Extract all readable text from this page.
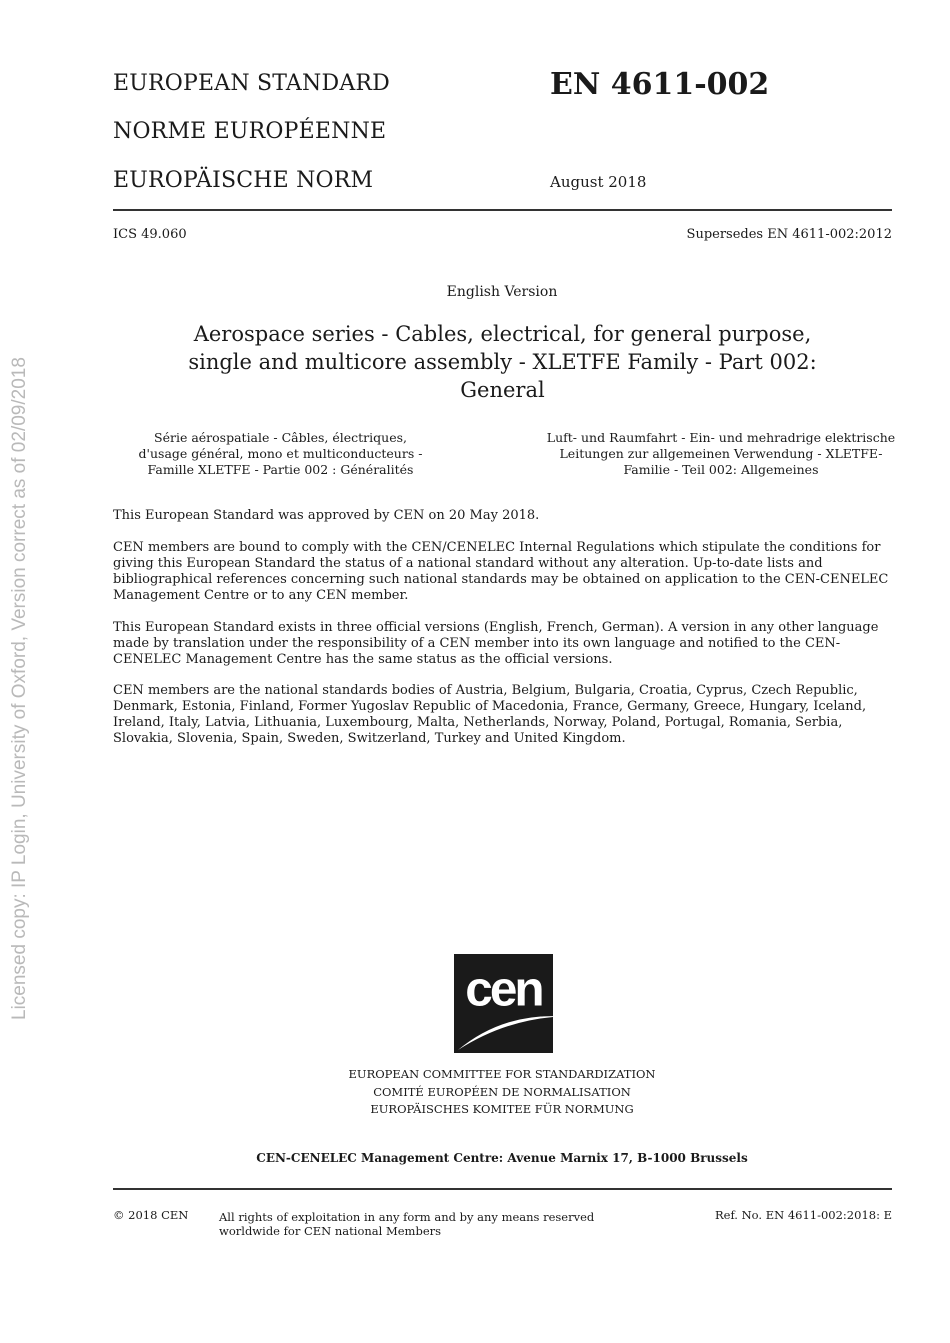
EUROPEAN STANDARD
NORME EUROPÉENNE
EUROPÄISCHE NORM
EN 4611-002
August 2018
ICS 49.060	Supersedes EN 4611-002:2012
English Version
Aerospace series - Cables, electrical, for general purpose, single and multicore assembly - XLETFE Family - Part 002: General
Série aérospatiale - Câbles, électriques, d'usage général, mono et multiconducteurs - Famille XLETFE - Partie 002 : Généralités
Luft- und Raumfahrt - Ein- und mehradrige elektrische Leitungen zur allgemeinen Verwendung - XLETFE-Familie - Teil 002: Allgemeines
This European Standard was approved by CEN on 20 May 2018.
CEN members are bound to comply with the CEN/CENELEC Internal Regulations which stipulate the conditions for giving this European Standard the status of a national standard without any alteration. Up-to-date lists and bibliographical references concerning such national standards may be obtained on application to the CEN-CENELEC Management Centre or to any CEN member.
This European Standard exists in three official versions (English, French, German). A version in any other language made by translation under the responsibility of a CEN member into its own language and notified to the CEN-CENELEC Management Centre has the same status as the official versions.
CEN members are the national standards bodies of Austria, Belgium, Bulgaria, Croatia, Cyprus, Czech Republic, Denmark, Estonia, Finland, Former Yugoslav Republic of Macedonia, France, Germany, Greece, Hungary, Iceland, Ireland, Italy, Latvia, Lithuania, Luxembourg, Malta, Netherlands, Norway, Poland, Portugal, Romania, Serbia, Slovakia, Slovenia, Spain, Sweden, Switzerland, Turkey and United Kingdom.
Licensed copy: IP Login, University of Oxford, Version correct as of 02/09/2018	cen
EUROPEAN COMMITTEE FOR STANDARDIZATION
COMITÉ EUROPÉEN DE NORMALISATION
EUROPÄISCHES KOMITEE FÜR NORMUNG
CEN-CENELEC Management Centre: Avenue Marnix 17, B-1000 Brussels
© 2018 CEN	All rights of exploitation in any form and by any means reserved worldwide for CEN national Members
Ref. No. EN 4611-002:2018: E
